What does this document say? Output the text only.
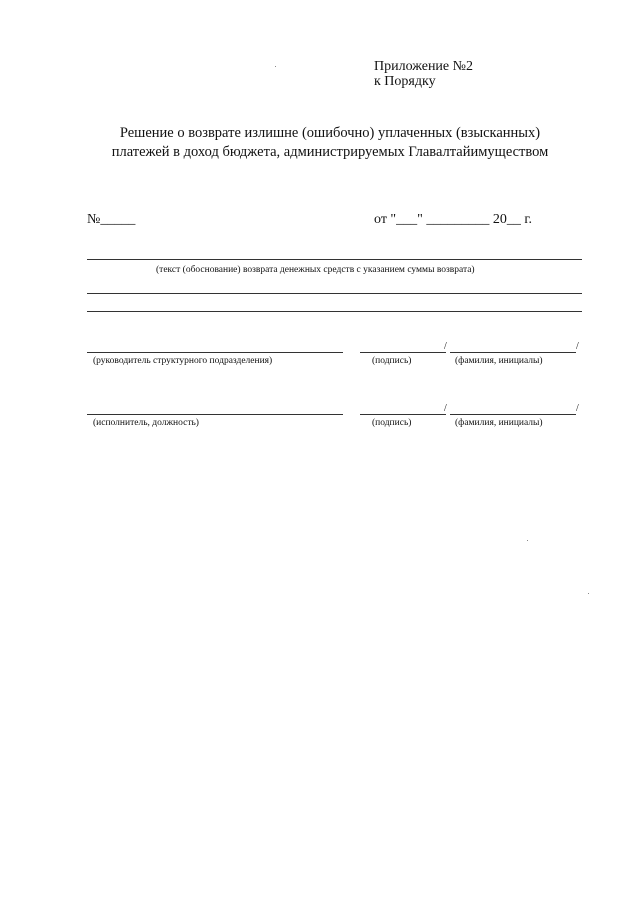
Приложение №2
к Порядку
Решение о возврате излишне (ошибочно) уплаченных (взысканных)
платежей в доход бюджета, администрируемых Главалтайимуществом
№_____	от "___" _________ 20__ г.
(текст (обоснование) возврата денежных средств с указанием суммы возврата)
/	/
(руководитель структурного подразделения)	(подпись)	(фамилия, инициалы)
/	/
(исполнитель, должность)	(подпись)	(фамилия, инициалы)
